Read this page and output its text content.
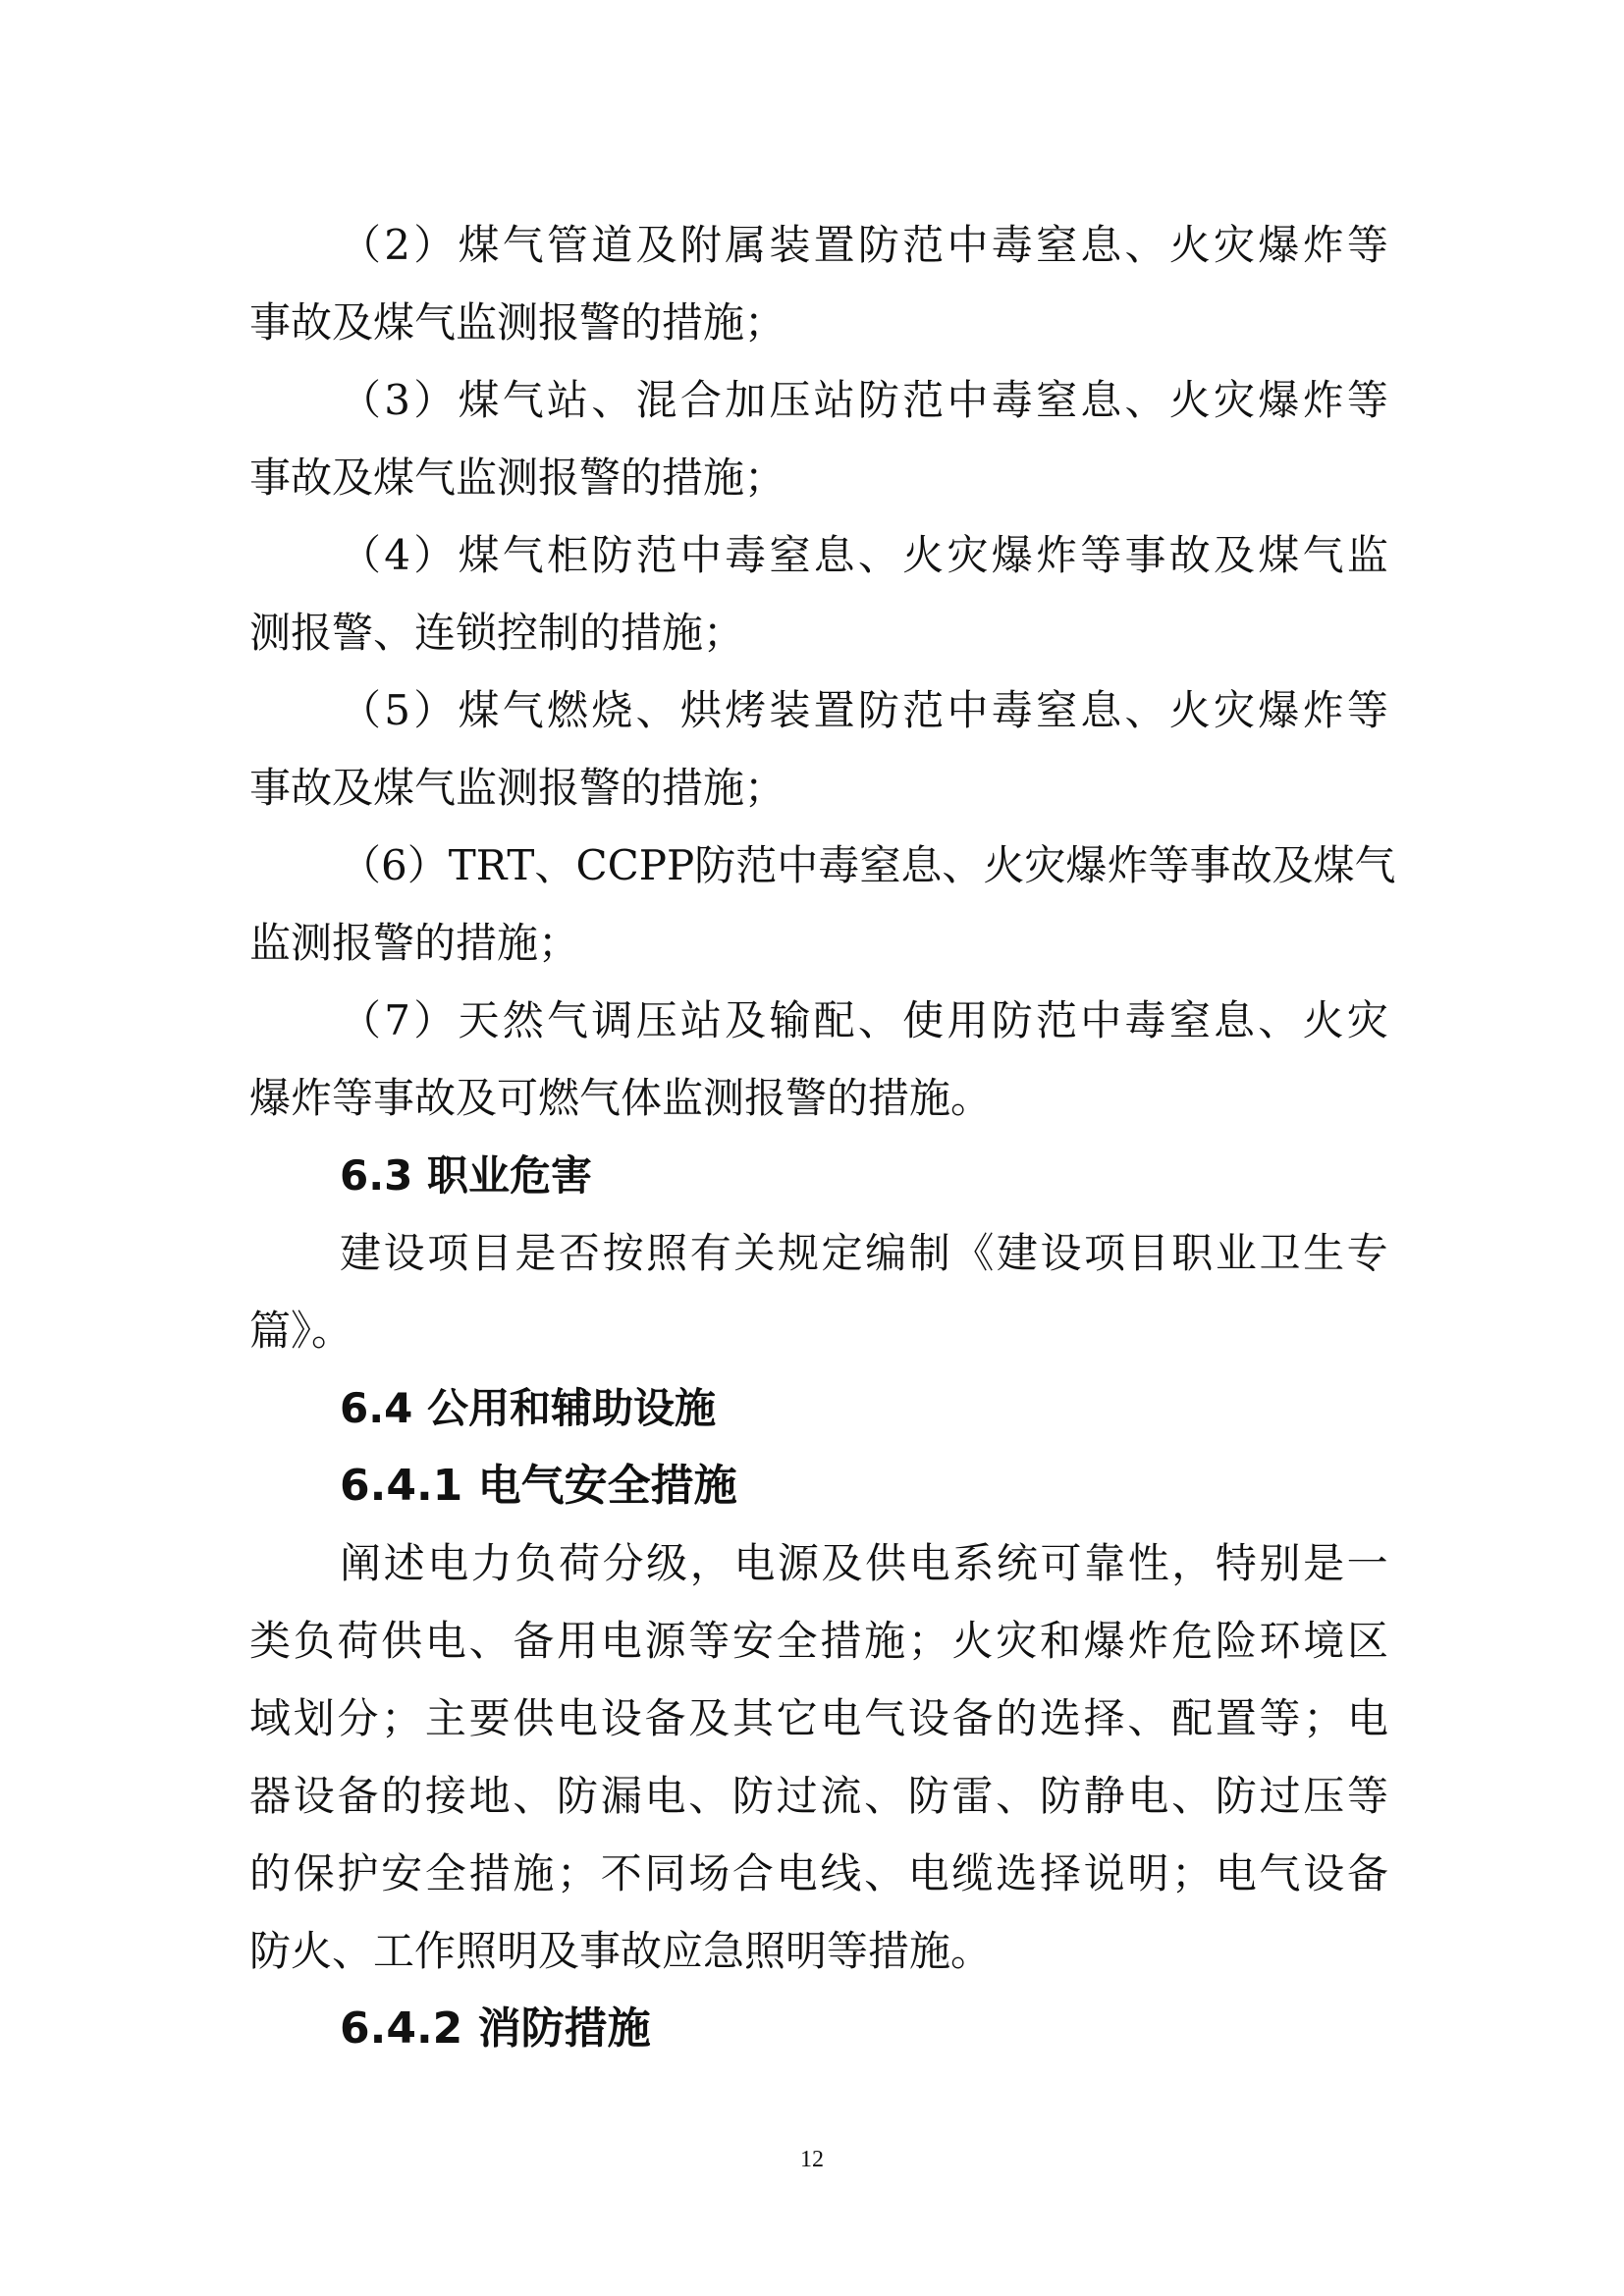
（ 2 ） 煤 气 管 道 及 附 属 装 置 防 范 中 毒 窒 息 、 火 灾 爆 炸 等
事故及煤气监测报警的措施；
（ 3 ） 煤 气 站 、 混 合 加 压 站 防 范 中 毒 窒 息 、 火 灾 爆 炸 等
事故及煤气监测报警的措施；
（ 4 ） 煤 气 柜 防 范 中 毒 窒 息 、 火 灾 爆 炸 等 事 故 及 煤 气 监
测报警、连锁控制的措施；
（ 5 ） 煤 气 燃 烧 、 烘 烤 装 置 防 范 中 毒 窒 息 、 火 灾 爆 炸 等
事故及煤气监测报警的措施；
（ 6 ） T R T 、 C C P P 防 范 中 毒 窒 息 、 火 灾 爆 炸 等 事 故 及 煤 气
监测报警的措施；
（ 7 ） 天 然 气 调 压 站 及 输 配 、 使 用 防 范 中 毒 窒 息 、 火 灾
爆炸等事故及可燃气体监测报警的措施。
6.3 职业危害
建 设 项 目 是 否 按 照 有 关 规 定 编 制 《 建 设 项 目 职 业 卫 生 专
篇》。
6.4 公用和辅助设施
6.4.1 电气安全措施
阐 述 电 力 负 荷 分 级 ， 电 源 及 供 电 系 统 可 靠 性 ， 特 别 是 一
类 负 荷 供 电 、 备 用 电 源 等 安 全 措 施 ； 火 灾 和 爆 炸 危 险 环 境 区
域 划 分 ； 主 要 供 电 设 备 及 其 它 电 气 设 备 的 选 择 、 配 置 等 ； 电
器 设 备 的 接 地 、 防 漏 电 、 防 过 流 、 防 雷 、 防 静 电 、 防 过 压 等
的 保 护 安 全 措 施 ； 不 同 场 合 电 线 、 电 缆 选 择 说 明 ； 电 气 设 备
防火、工作照明及事故应急照明等措施。
6.4.2 消防措施
12
